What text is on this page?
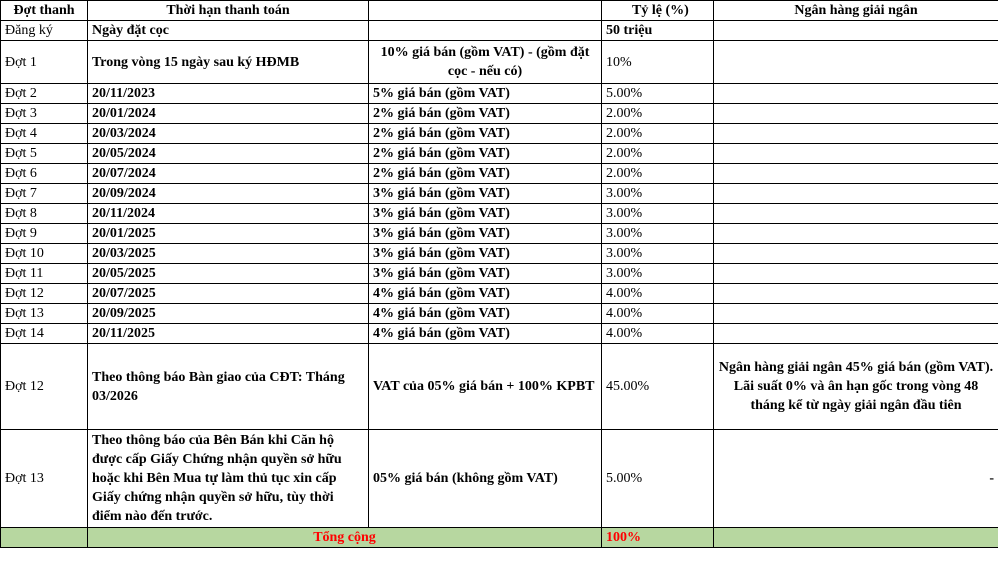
Đợt thanh	Thời hạn thanh toán		Tỷ lệ (%)	Ngân hàng giải ngân
Đăng ký	Ngày đặt cọc		50 triệu	
Đợt 1	Trong vòng 15 ngày sau ký HĐMB	10% giá bán (gồm VAT) - (gồm đặt cọc - nếu có)	10%	
Đợt 2	20/11/2023	5% giá bán (gồm VAT)	5.00%	
Đợt 3	20/01/2024	2% giá bán (gồm VAT)	2.00%	
Đợt 4	20/03/2024	2% giá bán (gồm VAT)	2.00%	
Đợt 5	20/05/2024	2% giá bán (gồm VAT)	2.00%	
Đợt 6	20/07/2024	2% giá bán (gồm VAT)	2.00%	
Đợt 7	20/09/2024	3% giá bán (gồm VAT)	3.00%	
Đợt 8	20/11/2024	3% giá bán (gồm VAT)	3.00%	
Đợt 9	20/01/2025	3% giá bán (gồm VAT)	3.00%	
Đợt 10	20/03/2025	3% giá bán (gồm VAT)	3.00%	
Đợt 11	20/05/2025	3% giá bán (gồm VAT)	3.00%	
Đợt 12	20/07/2025	4% giá bán (gồm VAT)	4.00%	
Đợt 13	20/09/2025	4% giá bán (gồm VAT)	4.00%	
Đợt 14	20/11/2025	4% giá bán (gồm VAT)	4.00%	
Đợt 12	Theo thông báo Bàn giao của CĐT: Tháng 03/2026	VAT của 05% giá bán + 100% KPBT	45.00%	Ngân hàng giải ngân 45% giá bán (gồm VAT). Lãi suất 0% và ân hạn gốc trong vòng 48 tháng kể từ ngày giải ngân đầu tiên
Đợt 13	Theo thông báo của Bên Bán khi Căn hộ được cấp Giấy Chứng nhận quyền sở hữu hoặc khi Bên Mua tự làm thủ tục xin cấp Giấy chứng nhận quyền sở hữu, tùy thời điểm nào đến trước.	05% giá bán (không gồm VAT)	5.00%	-
	Tổng cộng		100%	
